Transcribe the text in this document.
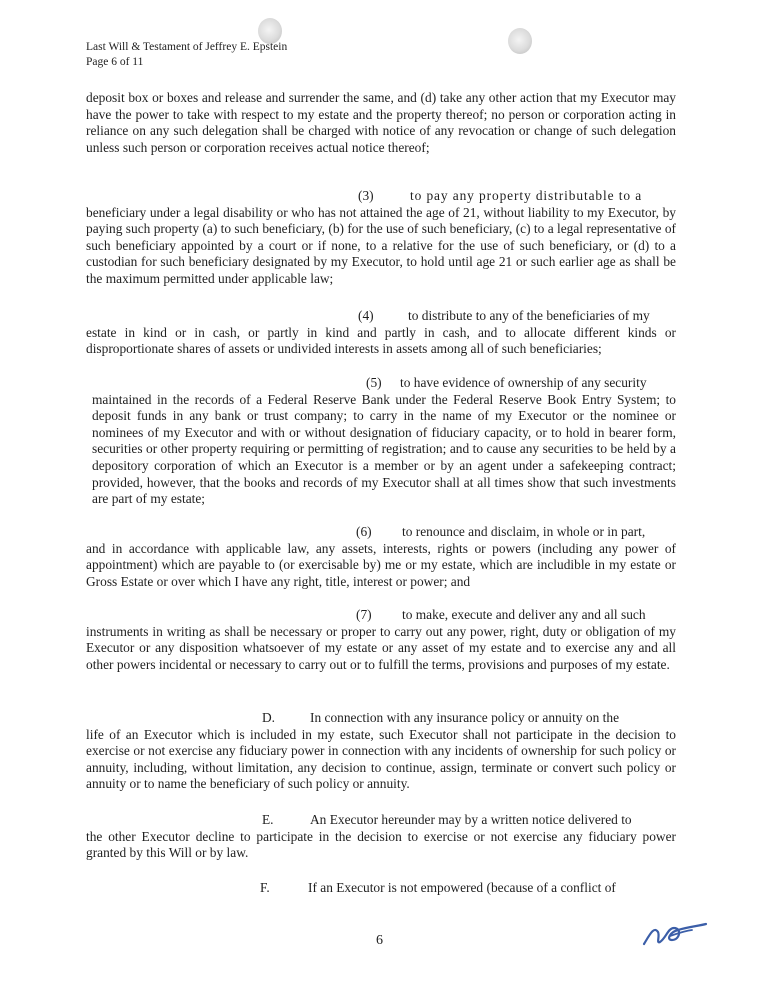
Last Will & Testament of Jeffrey E. Epstein
Page 6 of 11

deposit box or boxes and release and surrender the same, and (d) take any other action that my Executor may have the power to take with respect to my estate and the property thereof; no person or corporation acting in reliance on any such delegation shall be charged with notice of any revocation or change of such delegation unless such person or corporation receives actual notice thereof;

(3)	to pay any property distributable to a
beneficiary under a legal disability or who has not attained the age of 21, without liability to my Executor, by paying such property (a) to such beneficiary, (b) for the use of such beneficiary, (c) to a legal representative of such beneficiary appointed by a court or if none, to a relative for the use of such beneficiary, or (d) to a custodian for such beneficiary designated by my Executor, to hold until age 21 or such earlier age as shall be the maximum permitted under applicable law;

(4)	to distribute to any of the beneficiaries of my
estate in kind or in cash, or partly in kind and partly in cash, and to allocate different kinds or disproportionate shares of assets or undivided interests in assets among all of such beneficiaries;

(5) to have evidence of ownership of any security
maintained in the records of a Federal Reserve Bank under the Federal Reserve Book Entry System; to deposit funds in any bank or trust company; to carry in the name of my Executor or the nominee or nominees of my Executor and with or without designation of fiduciary capacity, or to hold in bearer form, securities or other property requiring or permitting of registration; and to cause any securities to be held by a depository corporation of which an Executor is a member or by an agent under a safekeeping contract; provided, however, that the books and records of my Executor shall at all times show that such investments are part of my estate;

(6) to renounce and disclaim, in whole or in part,
and in accordance with applicable law, any assets, interests, rights or powers (including any power of appointment) which are payable to (or exercisable by) me or my estate, which are includible in my estate or Gross Estate or over which I have any right, title, interest or power; and

(7) to make, execute and deliver any and all such
instruments in writing as shall be necessary or proper to carry out any power, right, duty or obligation of my Executor or any disposition whatsoever of my estate or any asset of my estate and to exercise any and all other powers incidental or necessary to carry out or to fulfill the terms, provisions and purposes of my estate.

D.	In connection with any insurance policy or annuity on the
life of an Executor which is included in my estate, such Executor shall not participate in the decision to exercise or not exercise any fiduciary power in connection with any incidents of ownership for such policy or annuity, including, without limitation, any decision to continue, assign, terminate or convert such policy or annuity or to name the beneficiary of such policy or annuity.

E.	An Executor hereunder may by a written notice delivered to
the other Executor decline to participate in the decision to exercise or not exercise any fiduciary power granted by this Will or by law.

F.	If an Executor is not empowered (because of a conflict of

6
